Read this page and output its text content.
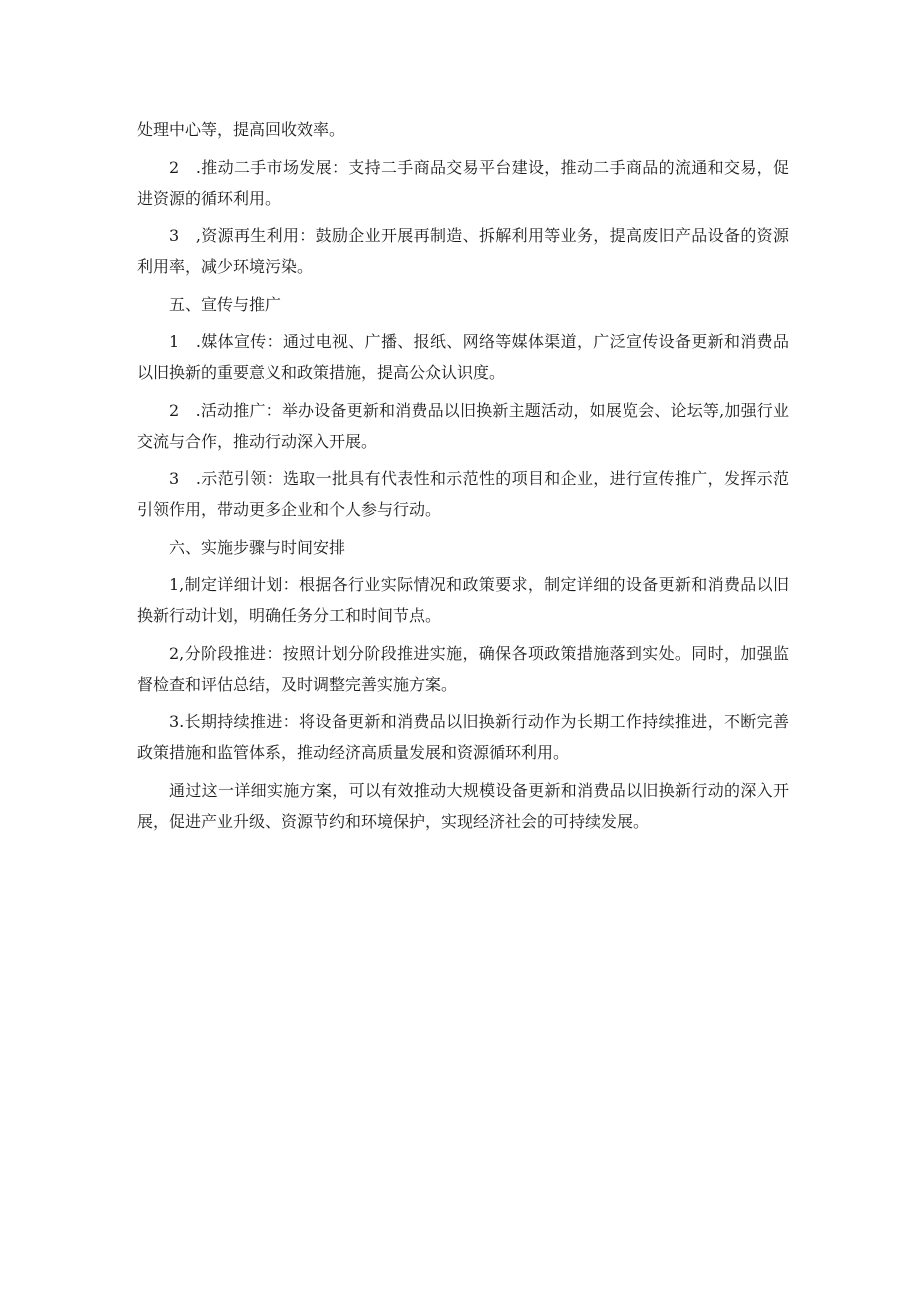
处理中心等，提高回收效率。

2　.推动二手市场发展：支持二手商品交易平台建设，推动二手商品的流通和交易，促进资源的循环利用。

3　,资源再生利用：鼓励企业开展再制造、拆解利用等业务，提高废旧产品设备的资源利用率，减少环境污染。

五、宣传与推广

1　.媒体宣传：通过电视、广播、报纸、网络等媒体渠道，广泛宣传设备更新和消费品以旧换新的重要意义和政策措施，提高公众认识度。

2　.活动推广：举办设备更新和消费品以旧换新主题活动，如展览会、论坛等,加强行业交流与合作，推动行动深入开展。

3　.示范引领：选取一批具有代表性和示范性的项目和企业，进行宣传推广，发挥示范引领作用，带动更多企业和个人参与行动。

六、实施步骤与时间安排

1,制定详细计划：根据各行业实际情况和政策要求，制定详细的设备更新和消费品以旧换新行动计划，明确任务分工和时间节点。

2,分阶段推进：按照计划分阶段推进实施，确保各项政策措施落到实处。同时，加强监督检查和评估总结，及时调整完善实施方案。

3.长期持续推进：将设备更新和消费品以旧换新行动作为长期工作持续推进，不断完善政策措施和监管体系，推动经济高质量发展和资源循环利用。

通过这一详细实施方案，可以有效推动大规模设备更新和消费品以旧换新行动的深入开展，促进产业升级、资源节约和环境保护，实现经济社会的可持续发展。
